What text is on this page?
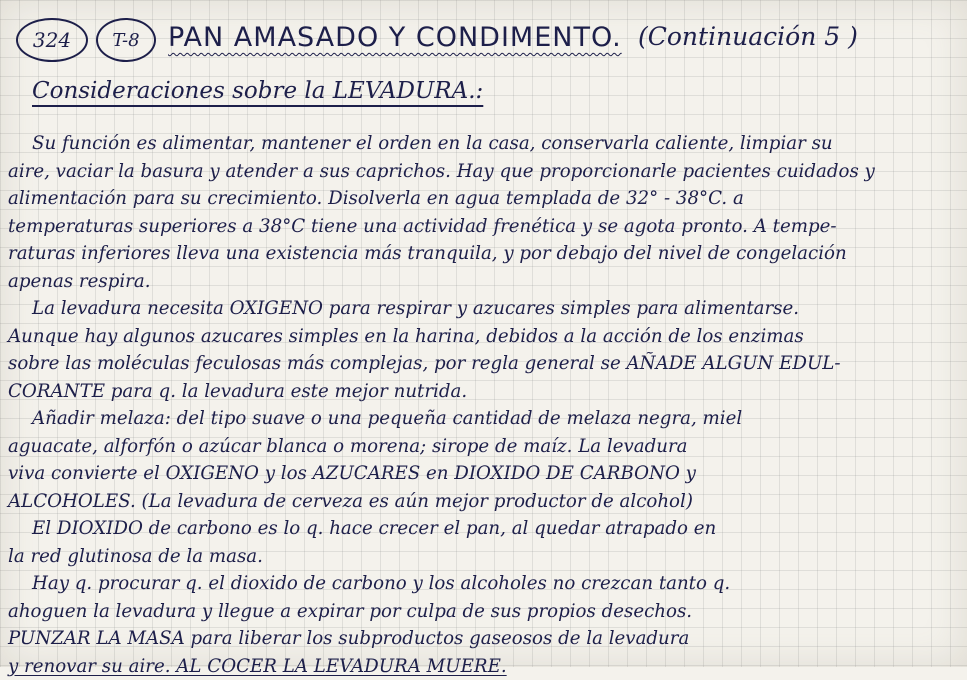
324	T-8	PAN AMASADO Y CONDIMENTO. (Continuación 5 )
Consideraciones sobre la LEVADURA.:
Su función es alimentar, mantener el orden en la casa, conservarla caliente, limpiar su
aire, vaciar la basura y atender a sus caprichos. Hay que proporcionarle pacientes cuidados y
alimentación para su crecimiento. Disolverla en agua templada de 32° - 38°C. a
temperaturas superiores a 38°C tiene una actividad frenética y se agota pronto. A tempe-
raturas inferiores lleva una existencia más tranquila, y por debajo del nivel de congelación
apenas respira.
La levadura necesita OXIGENO para respirar y azucares simples para alimentarse.
Aunque hay algunos azucares simples en la harina, debidos a la acción de los enzimas
sobre las moléculas feculosas más complejas, por regla general se AÑADE ALGUN EDUL-
CORANTE para q. la levadura este mejor nutrida.
Añadir melaza: del tipo suave o una pequeña cantidad de melaza negra, miel
aguacate, alforfón o azúcar blanca o morena; sirope de maíz. La levadura
viva convierte el OXIGENO y los AZUCARES en DIOXIDO DE CARBONO y
ALCOHOLES. (La levadura de cerveza es aún mejor productor de alcohol)
El DIOXIDO de carbono es lo q. hace crecer el pan, al quedar atrapado en
la red glutinosa de la masa.
Hay q. procurar q. el dioxido de carbono y los alcoholes no crezcan tanto q.
ahoguen la levadura y llegue a expirar por culpa de sus propios desechos.
PUNZAR LA MASA para liberar los subproductos gaseosos de la levadura
y renovar su aire. AL COCER LA LEVADURA MUERE.
